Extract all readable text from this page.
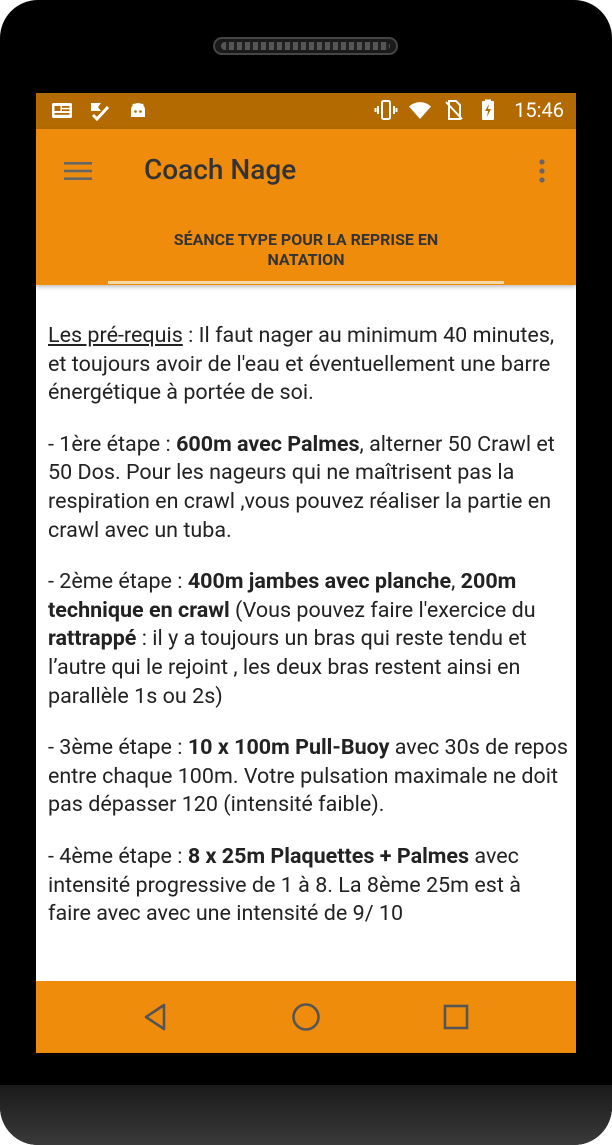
15:46
Coach Nage
SÉANCE TYPE POUR LA REPRISE EN
NATATION

Les pré-requis : Il faut nager au minimum 40 minutes, et toujours avoir de l'eau et éventuellement une barre énergétique à portée de soi.

- 1ère étape : 600m avec Palmes, alterner 50 Crawl et 50 Dos. Pour les nageurs qui ne maîtrisent pas la respiration en crawl ,vous pouvez réaliser la partie en crawl avec un tuba.

- 2ème étape : 400m jambes avec planche, 200m technique en crawl (Vous pouvez faire l'exercice du rattrappé : il y a toujours un bras qui reste tendu et l’autre qui le rejoint , les deux bras restent ainsi en parallèle 1s ou 2s)

- 3ème étape : 10 x 100m Pull-Buoy avec 30s de repos entre chaque 100m. Votre pulsation maximale ne doit pas dépasser 120 (intensité faible).

- 4ème étape : 8 x 25m Plaquettes + Palmes avec intensité progressive de 1 à 8. La 8ème 25m est à faire avec avec une intensité de 9/ 10
